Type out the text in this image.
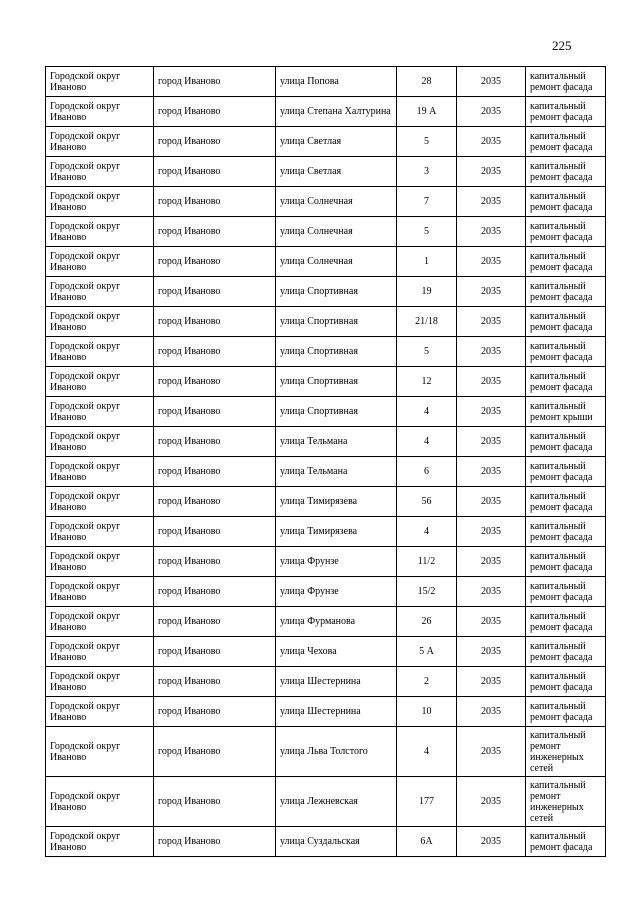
225
Городской округ Иваново	город Иваново	улица Попова	28	2035	капитальный ремонт фасада
Городской округ Иваново	город Иваново	улица Степана Халтурина	19 А	2035	капитальный ремонт фасада
Городской округ Иваново	город Иваново	улица Светлая	5	2035	капитальный ремонт фасада
Городской округ Иваново	город Иваново	улица Светлая	3	2035	капитальный ремонт фасада
Городской округ Иваново	город Иваново	улица Солнечная	7	2035	капитальный ремонт фасада
Городской округ Иваново	город Иваново	улица Солнечная	5	2035	капитальный ремонт фасада
Городской округ Иваново	город Иваново	улица Солнечная	1	2035	капитальный ремонт фасада
Городской округ Иваново	город Иваново	улица Спортивная	19	2035	капитальный ремонт фасада
Городской округ Иваново	город Иваново	улица Спортивная	21/18	2035	капитальный ремонт фасада
Городской округ Иваново	город Иваново	улица Спортивная	5	2035	капитальный ремонт фасада
Городской округ Иваново	город Иваново	улица Спортивная	12	2035	капитальный ремонт фасада
Городской округ Иваново	город Иваново	улица Спортивная	4	2035	капитальный ремонт крыши
Городской округ Иваново	город Иваново	улица Тельмана	4	2035	капитальный ремонт фасада
Городской округ Иваново	город Иваново	улица Тельмана	6	2035	капитальный ремонт фасада
Городской округ Иваново	город Иваново	улица Тимирязева	56	2035	капитальный ремонт фасада
Городской округ Иваново	город Иваново	улица Тимирязева	4	2035	капитальный ремонт фасада
Городской округ Иваново	город Иваново	улица Фрунзе	11/2	2035	капитальный ремонт фасада
Городской округ Иваново	город Иваново	улица Фрунзе	15/2	2035	капитальный ремонт фасада
Городской округ Иваново	город Иваново	улица Фурманова	26	2035	капитальный ремонт фасада
Городской округ Иваново	город Иваново	улица Чехова	5 А	2035	капитальный ремонт фасада
Городской округ Иваново	город Иваново	улица Шестернина	2	2035	капитальный ремонт фасада
Городской округ Иваново	город Иваново	улица Шестернина	10	2035	капитальный ремонт фасада
Городской округ Иваново	город Иваново	улица Льва Толстого	4	2035	капитальный ремонт инженерных сетей
Городской округ Иваново	город Иваново	улица Лежневская	177	2035	капитальный ремонт инженерных сетей
Городской округ Иваново	город Иваново	улица Суздальская	6А	2035	капитальный ремонт фасада
